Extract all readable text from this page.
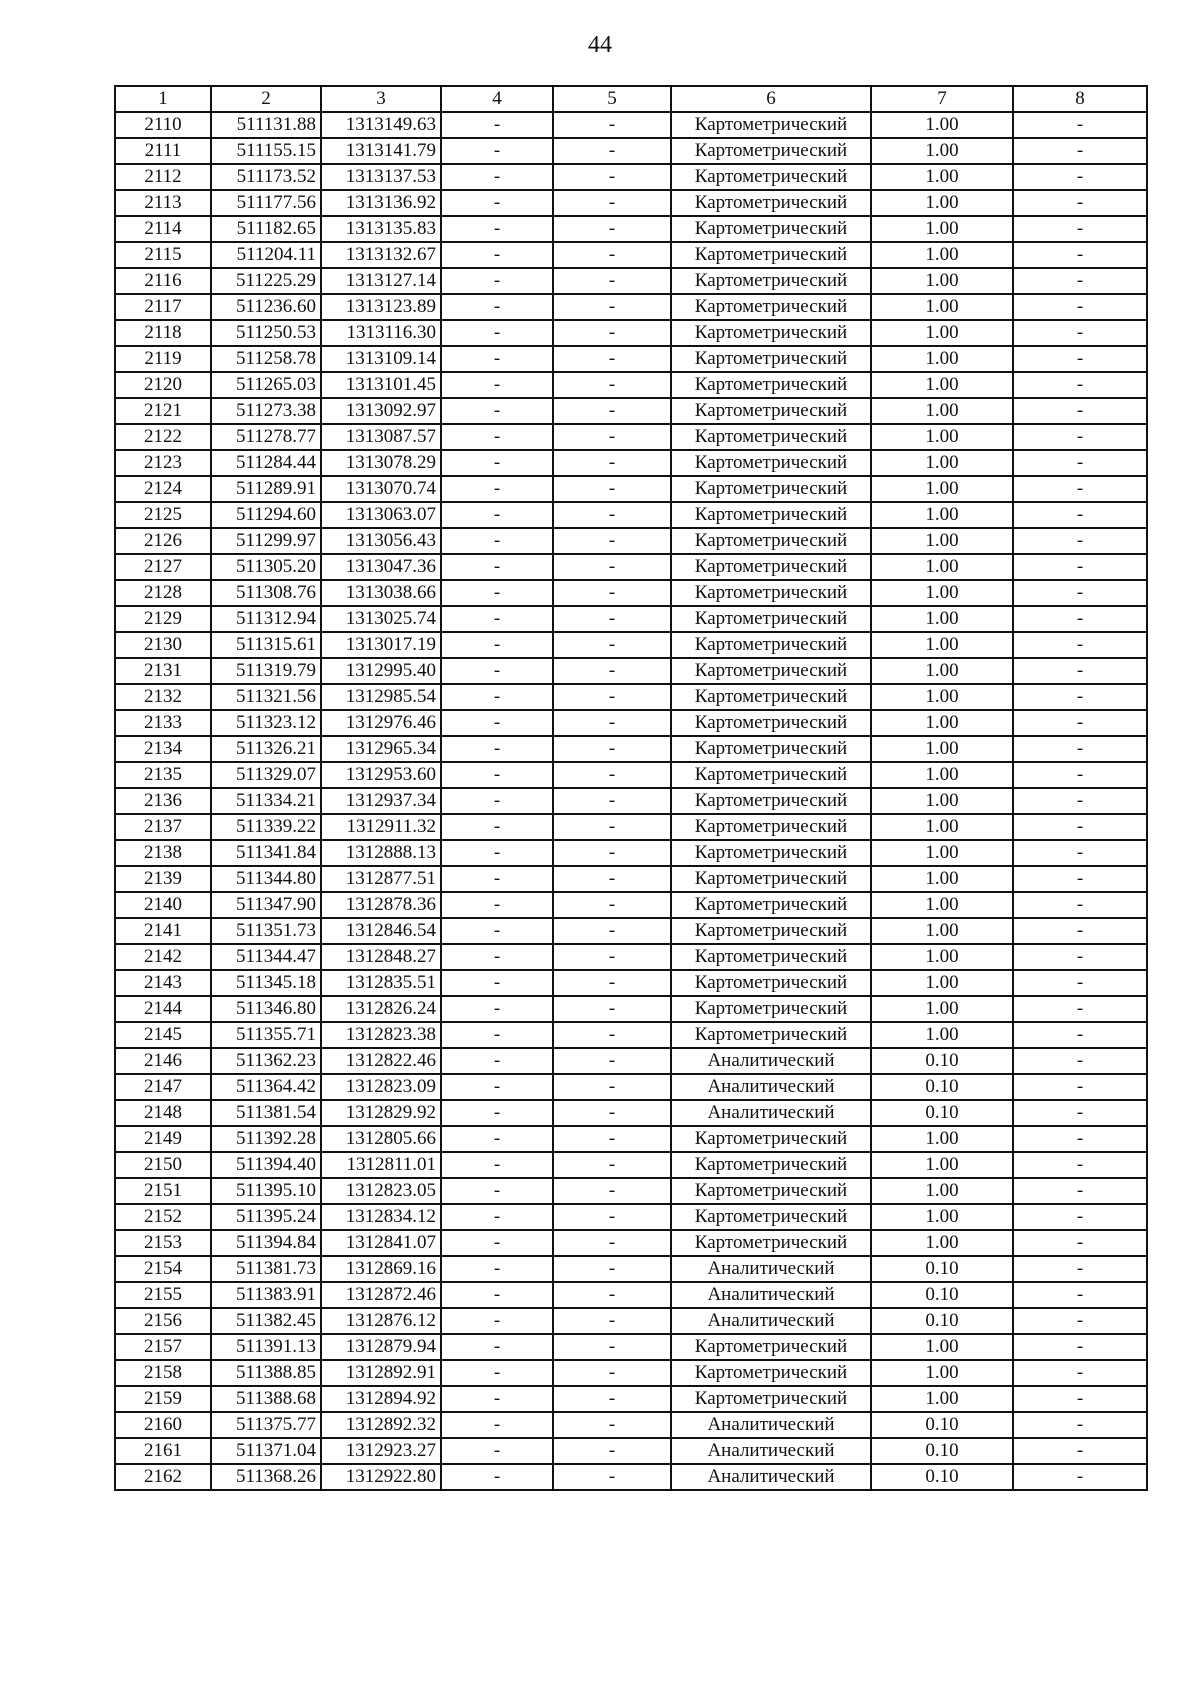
44
1	2	3	4	5	6	7	8
2110	511131.88	1313149.63	-	-	Картометрический	1.00	-
2111	511155.15	1313141.79	-	-	Картометрический	1.00	-
2112	511173.52	1313137.53	-	-	Картометрический	1.00	-
2113	511177.56	1313136.92	-	-	Картометрический	1.00	-
2114	511182.65	1313135.83	-	-	Картометрический	1.00	-
2115	511204.11	1313132.67	-	-	Картометрический	1.00	-
2116	511225.29	1313127.14	-	-	Картометрический	1.00	-
2117	511236.60	1313123.89	-	-	Картометрический	1.00	-
2118	511250.53	1313116.30	-	-	Картометрический	1.00	-
2119	511258.78	1313109.14	-	-	Картометрический	1.00	-
2120	511265.03	1313101.45	-	-	Картометрический	1.00	-
2121	511273.38	1313092.97	-	-	Картометрический	1.00	-
2122	511278.77	1313087.57	-	-	Картометрический	1.00	-
2123	511284.44	1313078.29	-	-	Картометрический	1.00	-
2124	511289.91	1313070.74	-	-	Картометрический	1.00	-
2125	511294.60	1313063.07	-	-	Картометрический	1.00	-
2126	511299.97	1313056.43	-	-	Картометрический	1.00	-
2127	511305.20	1313047.36	-	-	Картометрический	1.00	-
2128	511308.76	1313038.66	-	-	Картометрический	1.00	-
2129	511312.94	1313025.74	-	-	Картометрический	1.00	-
2130	511315.61	1313017.19	-	-	Картометрический	1.00	-
2131	511319.79	1312995.40	-	-	Картометрический	1.00	-
2132	511321.56	1312985.54	-	-	Картометрический	1.00	-
2133	511323.12	1312976.46	-	-	Картометрический	1.00	-
2134	511326.21	1312965.34	-	-	Картометрический	1.00	-
2135	511329.07	1312953.60	-	-	Картометрический	1.00	-
2136	511334.21	1312937.34	-	-	Картометрический	1.00	-
2137	511339.22	1312911.32	-	-	Картометрический	1.00	-
2138	511341.84	1312888.13	-	-	Картометрический	1.00	-
2139	511344.80	1312877.51	-	-	Картометрический	1.00	-
2140	511347.90	1312878.36	-	-	Картометрический	1.00	-
2141	511351.73	1312846.54	-	-	Картометрический	1.00	-
2142	511344.47	1312848.27	-	-	Картометрический	1.00	-
2143	511345.18	1312835.51	-	-	Картометрический	1.00	-
2144	511346.80	1312826.24	-	-	Картометрический	1.00	-
2145	511355.71	1312823.38	-	-	Картометрический	1.00	-
2146	511362.23	1312822.46	-	-	Аналитический	0.10	-
2147	511364.42	1312823.09	-	-	Аналитический	0.10	-
2148	511381.54	1312829.92	-	-	Аналитический	0.10	-
2149	511392.28	1312805.66	-	-	Картометрический	1.00	-
2150	511394.40	1312811.01	-	-	Картометрический	1.00	-
2151	511395.10	1312823.05	-	-	Картометрический	1.00	-
2152	511395.24	1312834.12	-	-	Картометрический	1.00	-
2153	511394.84	1312841.07	-	-	Картометрический	1.00	-
2154	511381.73	1312869.16	-	-	Аналитический	0.10	-
2155	511383.91	1312872.46	-	-	Аналитический	0.10	-
2156	511382.45	1312876.12	-	-	Аналитический	0.10	-
2157	511391.13	1312879.94	-	-	Картометрический	1.00	-
2158	511388.85	1312892.91	-	-	Картометрический	1.00	-
2159	511388.68	1312894.92	-	-	Картометрический	1.00	-
2160	511375.77	1312892.32	-	-	Аналитический	0.10	-
2161	511371.04	1312923.27	-	-	Аналитический	0.10	-
2162	511368.26	1312922.80	-	-	Аналитический	0.10	-
